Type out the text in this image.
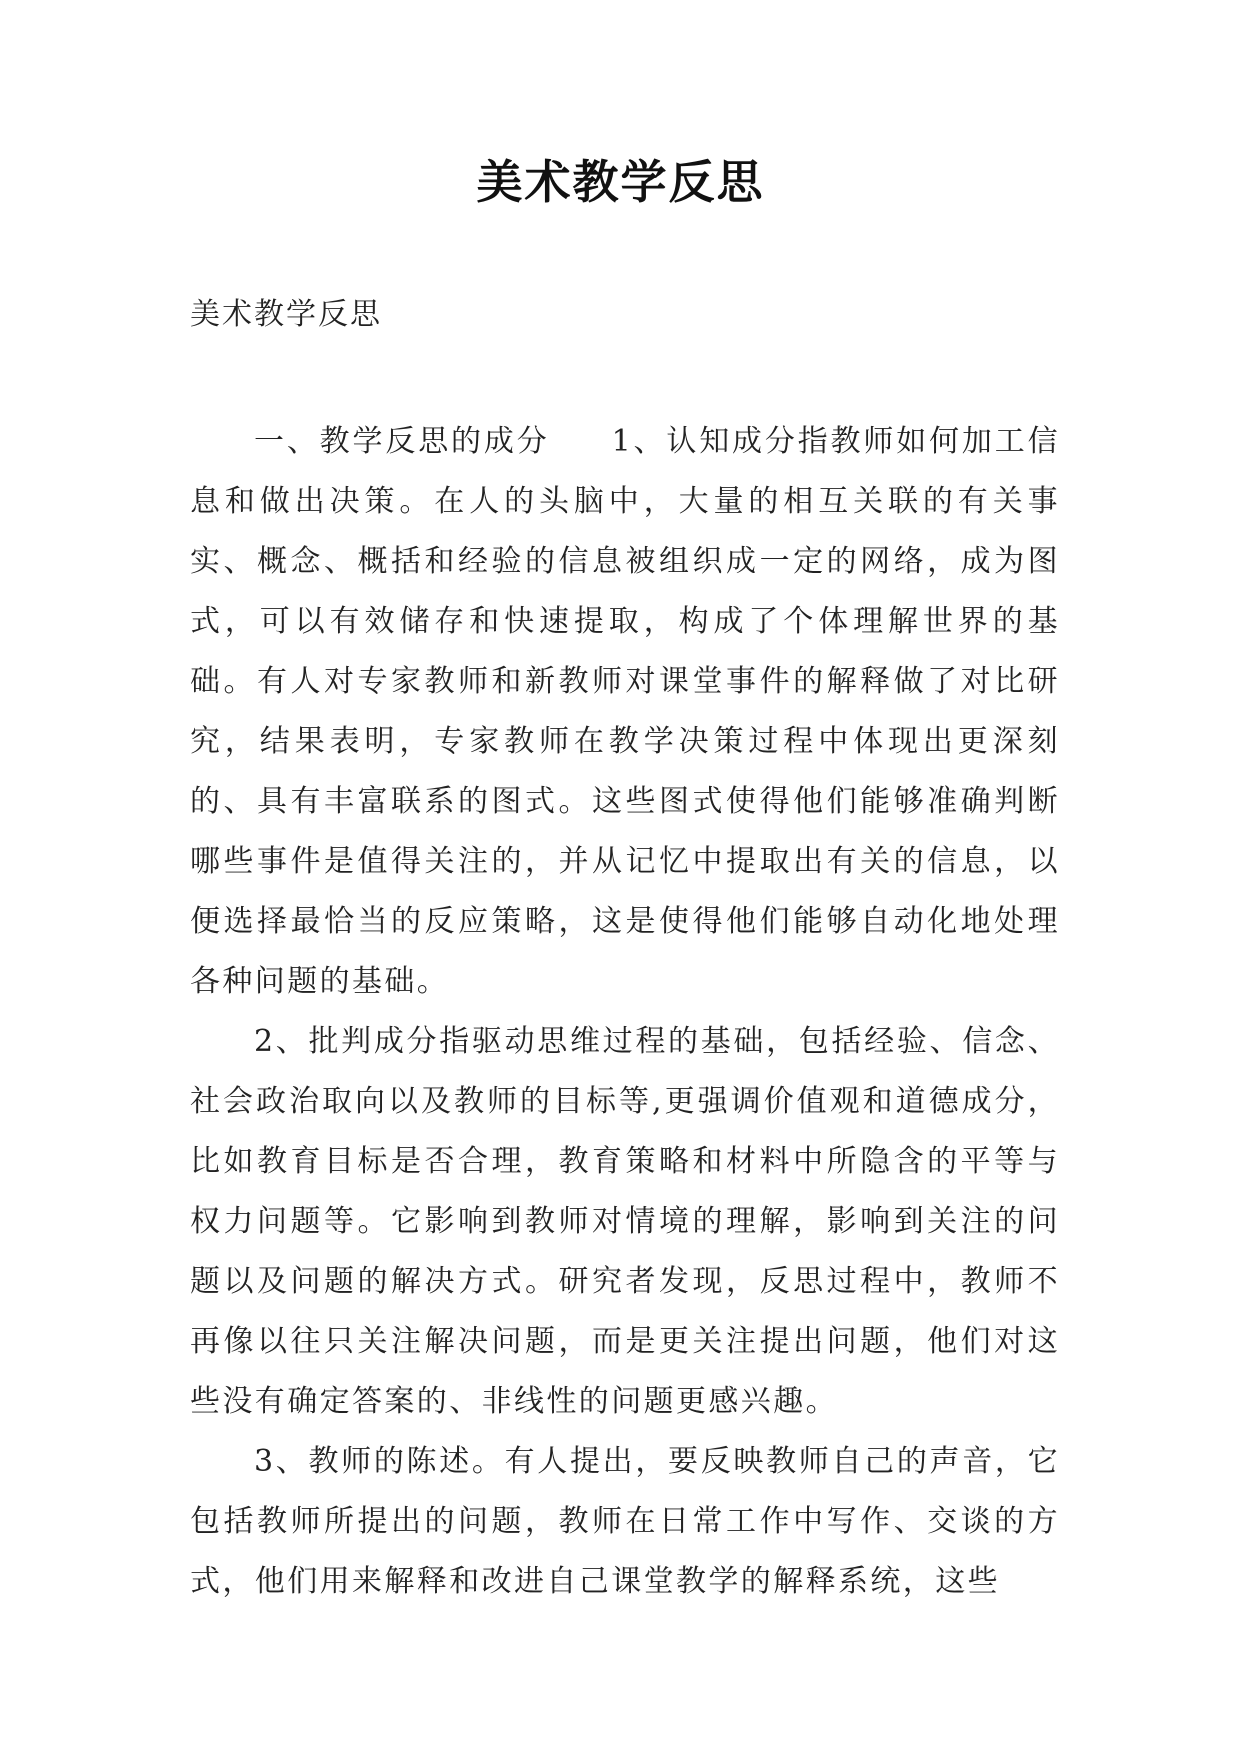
美术教学反思
美术教学反思

一、教学反思的成分 1、认知成分指教师如何加工信息和做出决策。在人的头脑中，大量的相互关联的有关事实、概念、概括和经验的信息被组织成一定的网络，成为图式，可以有效储存和快速提取，构成了个体理解世界的基础。有人对专家教师和新教师对课堂事件的解释做了对比研究，结果表明，专家教师在教学决策过程中体现出更深刻的、具有丰富联系的图式。这些图式使得他们能够准确判断哪些事件是值得关注的，并从记忆中提取出有关的信息，以便选择最恰当的反应策略，这是使得他们能够自动化地处理各种问题的基础。

2、批判成分指驱动思维过程的基础，包括经验、信念、社会政治取向以及教师的目标等,更强调价值观和道德成分，比如教育目标是否合理，教育策略和材料中所隐含的平等与权力问题等。它影响到教师对情境的理解，影响到关注的问题以及问题的解决方式。研究者发现，反思过程中，教师不再像以往只关注解决问题，而是更关注提出问题，他们对这些没有确定答案的、非线性的问题更感兴趣。

3、教师的陈述。有人提出，要反映教师自己的声音，它包括教师所提出的问题，教师在日常工作中写作、交谈的方式，他们用来解释和改进自己课堂教学的解释系统，这些
